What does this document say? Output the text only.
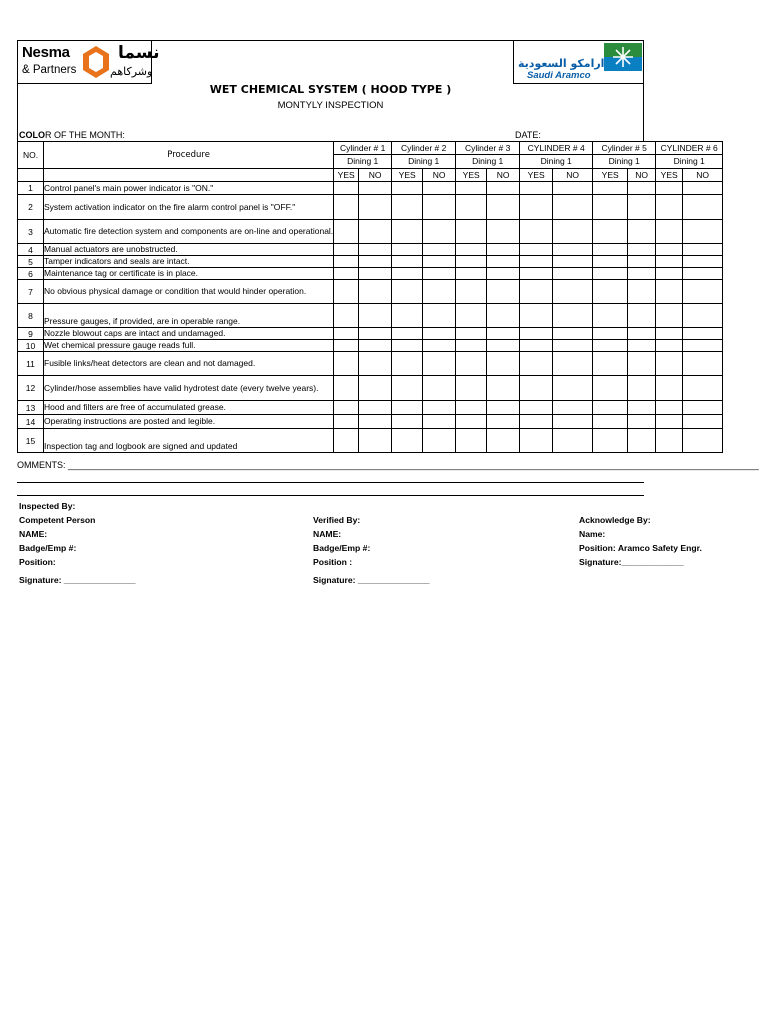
Nesma
& Partners
نسما
وشركاهم
ارامكو السعودية
Saudi Aramco
WET CHEMICAL SYSTEM ( HOOD TYPE )
MONTYLY INSPECTION
COLOR OF THE MONTH:	DATE:
NO.	Procedure	Cylinder # 1		Cylinder # 2		Cylinder # 3		CYLINDER # 4		Cylinder # 5		CYLINDER # 6	
		Dining 1		Dining 1		Dining 1		Dining 1		Dining 1		Dining 1	
		YES	NO	YES	NO	YES	NO	YES	NO	YES	NO	YES	NO
1	Control panel's main power indicator is "ON."												
2	System activation indicator on the fire alarm control panel is "OFF."												
3	Automatic fire detection system and components are on-line and operational.												
4	Manual actuators are unobstructed.												
5	Tamper indicators and seals are intact.												
6	Maintenance tag or certificate is in place.												
7	No obvious physical damage or condition that would hinder operation.												
8	Pressure gauges, if provided, are in operable range.												
9	Nozzle blowout caps are intact and undamaged.												
10	Wet chemical pressure gauge reads full.												
11	Fusible links/heat detectors are clean and not damaged.												
12	Cylinder/hose assemblies have valid hydrotest date (every twelve years).												
13	Hood and filters are free of accumulated grease.												
14	Operating instructions are posted and legible.												
15	Inspection tag and logbook are signed and updated												
OMMENTS: __________________________________________________________________________________________________________________________________________
Inspected By:
Competent Person
NAME:
Badge/Emp #:
Position:
Signature: _______________
Verified By:
NAME:
Badge/Emp #:
Position :
Signature: _______________
Acknowledge By:
Name:
Position: Aramco Safety Engr.
Signature:_____________
